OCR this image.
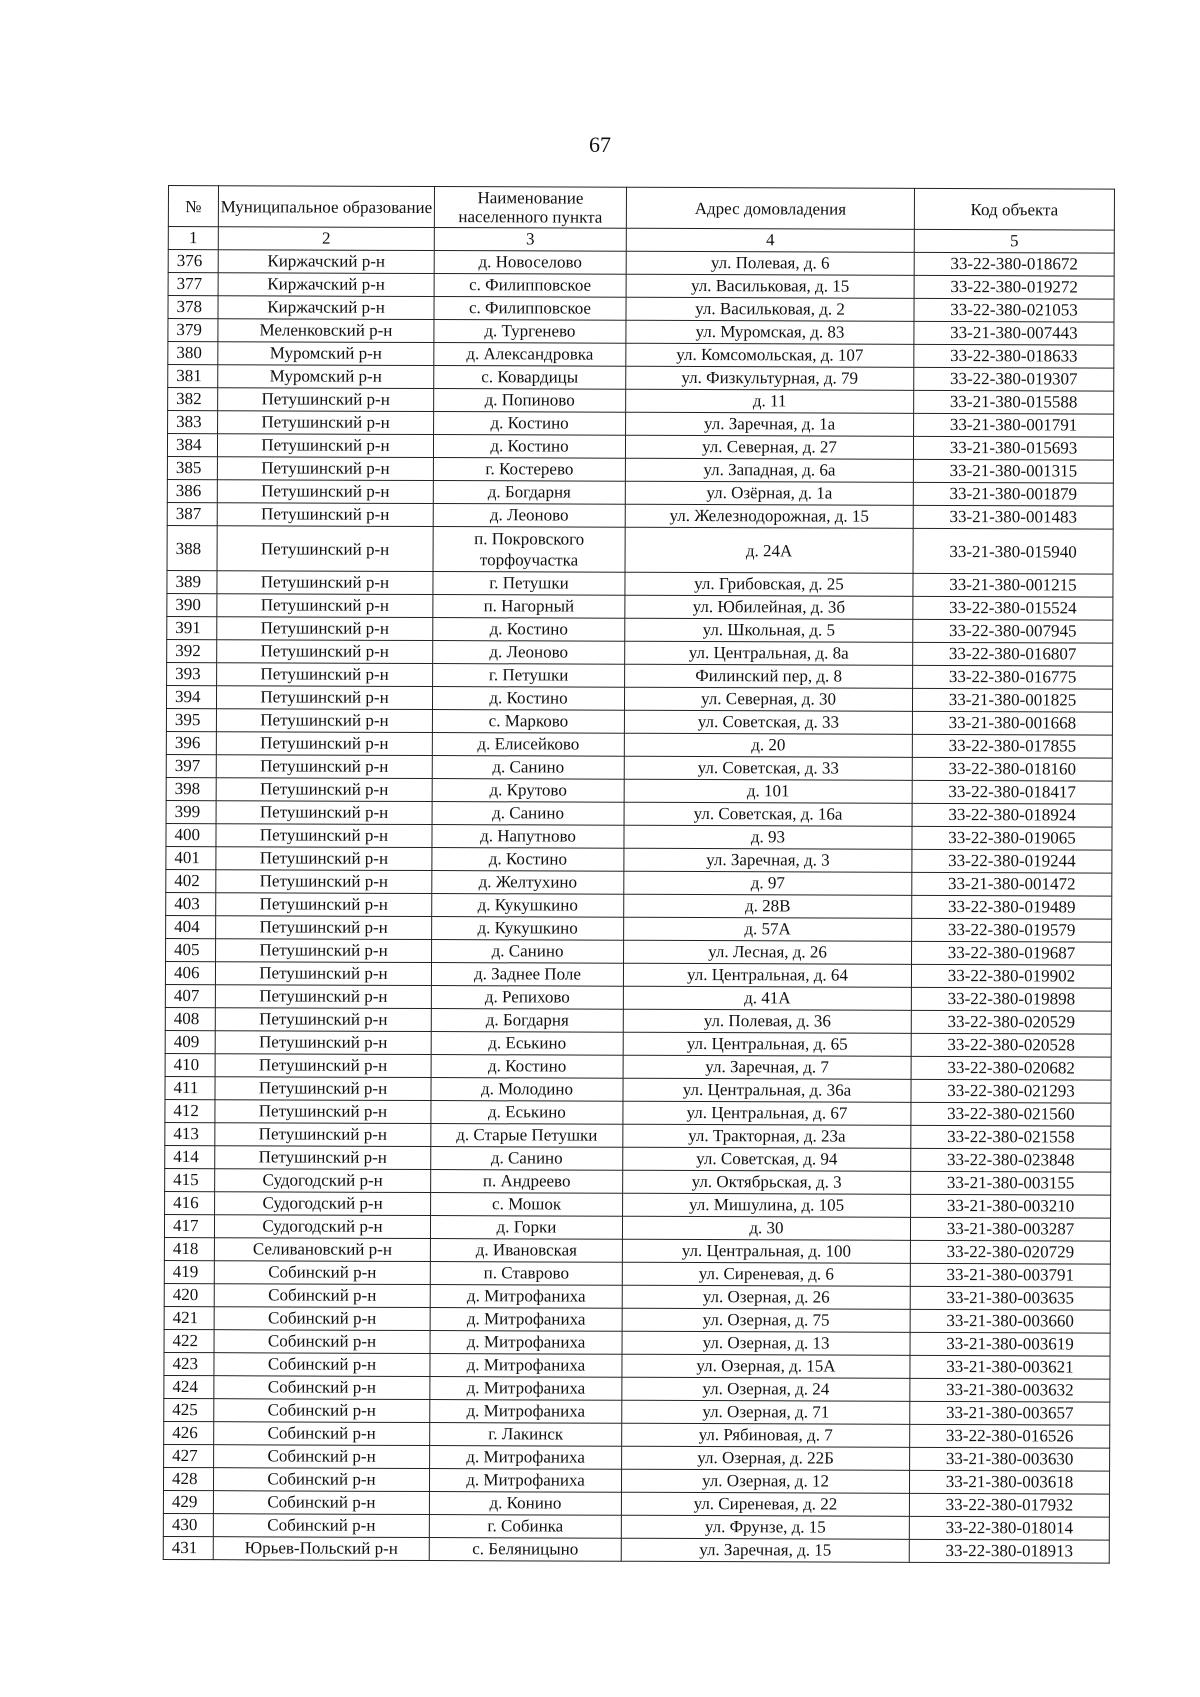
67
№	Муниципальное образование	Наименование населенного пункта	Адрес домовладения	Код объекта
1	2	3	4	5
376	Киржачский р-н	д. Новоселово	ул. Полевая, д. 6	33-22-380-018672
377	Киржачский р-н	с. Филипповское	ул. Васильковая, д. 15	33-22-380-019272
378	Киржачский р-н	с. Филипповское	ул. Васильковая, д. 2	33-22-380-021053
379	Меленковский р-н	д. Тургенево	ул. Муромская, д. 83	33-21-380-007443
380	Муромский р-н	д. Александровка	ул. Комсомольская, д. 107	33-22-380-018633
381	Муромский р-н	с. Ковардицы	ул. Физкультурная, д. 79	33-22-380-019307
382	Петушинский р-н	д. Попиново	д. 11	33-21-380-015588
383	Петушинский р-н	д. Костино	ул. Заречная, д. 1а	33-21-380-001791
384	Петушинский р-н	д. Костино	ул. Северная, д. 27	33-21-380-015693
385	Петушинский р-н	г. Костерево	ул. Западная, д. 6а	33-21-380-001315
386	Петушинский р-н	д. Богдарня	ул. Озёрная, д. 1а	33-21-380-001879
387	Петушинский р-н	д. Леоново	ул. Железнодорожная, д. 15	33-21-380-001483
388	Петушинский р-н	п. Покровского торфоучастка	д. 24А	33-21-380-015940
389	Петушинский р-н	г. Петушки	ул. Грибовская, д. 25	33-21-380-001215
390	Петушинский р-н	п. Нагорный	ул. Юбилейная, д. 3б	33-22-380-015524
391	Петушинский р-н	д. Костино	ул. Школьная, д. 5	33-22-380-007945
392	Петушинский р-н	д. Леоново	ул. Центральная, д. 8а	33-22-380-016807
393	Петушинский р-н	г. Петушки	Филинский пер, д. 8	33-22-380-016775
394	Петушинский р-н	д. Костино	ул. Северная, д. 30	33-21-380-001825
395	Петушинский р-н	с. Марково	ул. Советская, д. 33	33-21-380-001668
396	Петушинский р-н	д. Елисейково	д. 20	33-22-380-017855
397	Петушинский р-н	д. Санино	ул. Советская, д. 33	33-22-380-018160
398	Петушинский р-н	д. Крутово	д. 101	33-22-380-018417
399	Петушинский р-н	д. Санино	ул. Советская, д. 16а	33-22-380-018924
400	Петушинский р-н	д. Напутново	д. 93	33-22-380-019065
401	Петушинский р-н	д. Костино	ул. Заречная, д. 3	33-22-380-019244
402	Петушинский р-н	д. Желтухино	д. 97	33-21-380-001472
403	Петушинский р-н	д. Кукушкино	д. 28В	33-22-380-019489
404	Петушинский р-н	д. Кукушкино	д. 57А	33-22-380-019579
405	Петушинский р-н	д. Санино	ул. Лесная, д. 26	33-22-380-019687
406	Петушинский р-н	д. Заднее Поле	ул. Центральная, д. 64	33-22-380-019902
407	Петушинский р-н	д. Репихово	д. 41А	33-22-380-019898
408	Петушинский р-н	д. Богдарня	ул. Полевая, д. 36	33-22-380-020529
409	Петушинский р-н	д. Еськино	ул. Центральная, д. 65	33-22-380-020528
410	Петушинский р-н	д. Костино	ул. Заречная, д. 7	33-22-380-020682
411	Петушинский р-н	д. Молодино	ул. Центральная, д. 36а	33-22-380-021293
412	Петушинский р-н	д. Еськино	ул. Центральная, д. 67	33-22-380-021560
413	Петушинский р-н	д. Старые Петушки	ул. Тракторная, д. 23а	33-22-380-021558
414	Петушинский р-н	д. Санино	ул. Советская, д. 94	33-22-380-023848
415	Судогодский р-н	п. Андреево	ул. Октябрьская, д. 3	33-21-380-003155
416	Судогодский р-н	с. Мошок	ул. Мишулина, д. 105	33-21-380-003210
417	Судогодский р-н	д. Горки	д. 30	33-21-380-003287
418	Селивановский р-н	д. Ивановская	ул. Центральная, д. 100	33-22-380-020729
419	Собинский р-н	п. Ставрово	ул. Сиреневая, д. 6	33-21-380-003791
420	Собинский р-н	д. Митрофаниха	ул. Озерная, д. 26	33-21-380-003635
421	Собинский р-н	д. Митрофаниха	ул. Озерная, д. 75	33-21-380-003660
422	Собинский р-н	д. Митрофаниха	ул. Озерная, д. 13	33-21-380-003619
423	Собинский р-н	д. Митрофаниха	ул. Озерная, д. 15А	33-21-380-003621
424	Собинский р-н	д. Митрофаниха	ул. Озерная, д. 24	33-21-380-003632
425	Собинский р-н	д. Митрофаниха	ул. Озерная, д. 71	33-21-380-003657
426	Собинский р-н	г. Лакинск	ул. Рябиновая, д. 7	33-22-380-016526
427	Собинский р-н	д. Митрофаниха	ул. Озерная, д. 22Б	33-21-380-003630
428	Собинский р-н	д. Митрофаниха	ул. Озерная, д. 12	33-21-380-003618
429	Собинский р-н	д. Конино	ул. Сиреневая, д. 22	33-22-380-017932
430	Собинский р-н	г. Собинка	ул. Фрунзе, д. 15	33-22-380-018014
431	Юрьев-Польский р-н	с. Беляницыно	ул. Заречная, д. 15	33-22-380-018913
